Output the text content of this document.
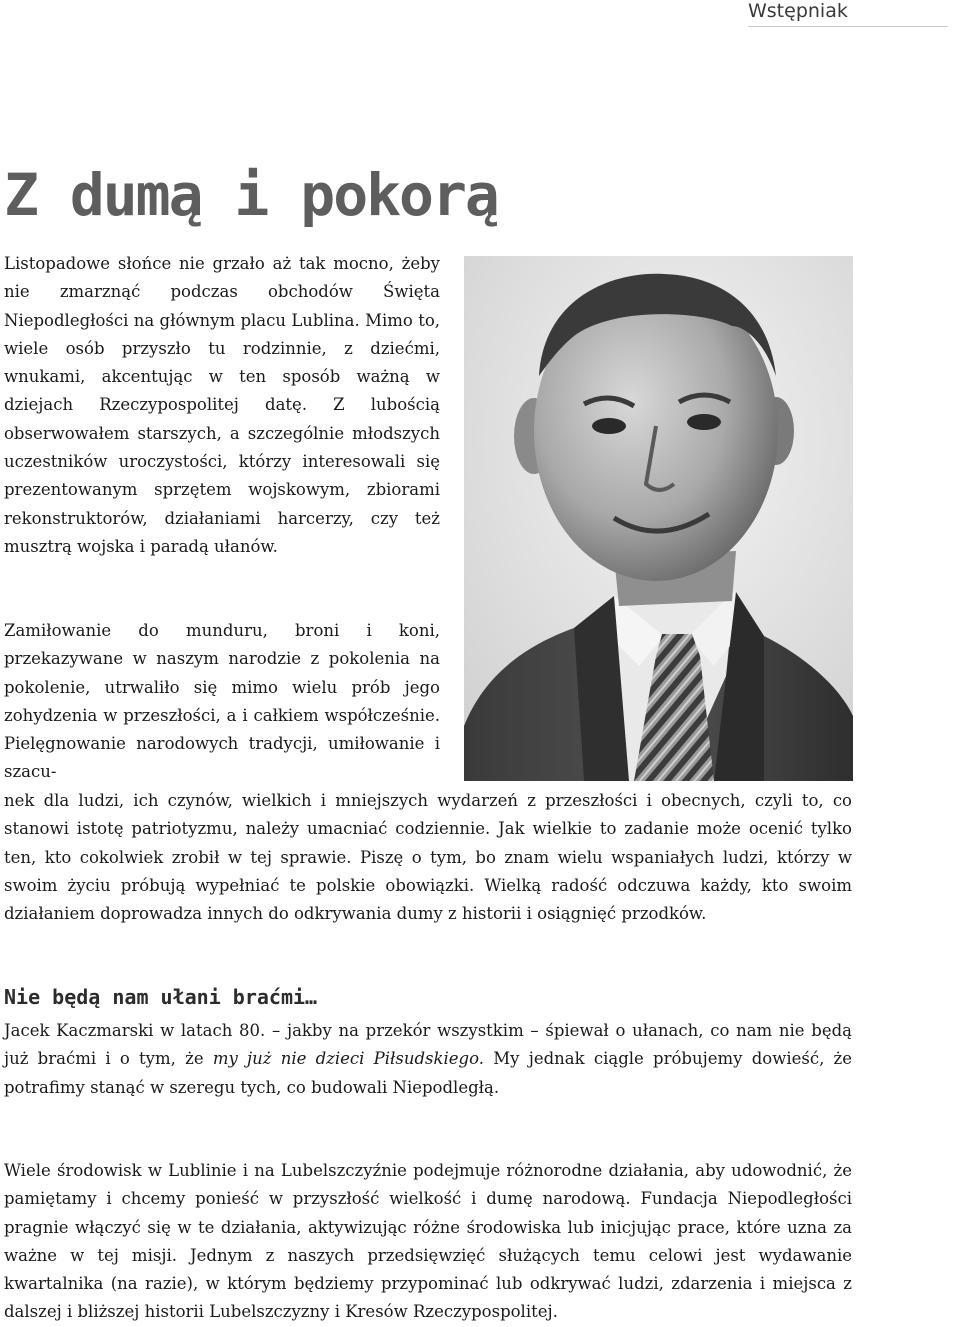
Wstępniak
Z dumą i pokorą

Listopadowe słońce nie grzało aż tak mocno, żeby nie zmarznąć podczas obchodów Święta Niepodległości na głównym placu Lublina. Mimo to, wiele osób przyszło tu rodzinnie, z dziećmi, wnukami, akcentując w ten sposób ważną w dziejach Rzeczypospolitej datę. Z lubością obserwowałem starszych, a szczególnie młodszych uczestników uroczystości, którzy interesowali się prezentowanym sprzętem wojskowym, zbiorami rekonstruktorów, działaniami harcerzy, czy też musztrą wojska i paradą ułanów.

Zamiłowanie do munduru, broni i koni, przekazywane w naszym narodzie z pokolenia na pokolenie, utrwaliło się mimo wielu prób jego zohydzenia w przeszłości, a i całkiem współcześnie. Pielęgnowanie narodowych tradycji, umiłowanie i szacu-

nek dla ludzi, ich czynów, wielkich i mniejszych wydarzeń z przeszłości i obecnych, czyli to, co stanowi istotę patriotyzmu, należy umacniać codziennie. Jak wielkie to zadanie może ocenić tylko ten, kto cokolwiek zrobił w tej sprawie. Piszę o tym, bo znam wielu wspaniałych ludzi, którzy w swoim życiu próbują wypełniać te polskie obowiązki. Wielką radość odczuwa każdy, kto swoim działaniem doprowadza innych do odkrywania dumy z historii i osiągnięć przodków.

Nie będą nam ułani braćmi…

Jacek Kaczmarski w latach 80. – jakby na przekór wszystkim – śpiewał o ułanach, co nam nie będą już braćmi i o tym, że my już nie dzieci Piłsudskiego. My jednak ciągle próbujemy dowieść, że potrafimy stanąć w szeregu tych, co budowali Niepodległą.

Wiele środowisk w Lublinie i na Lubelszczyźnie podejmuje różnorodne działania, aby udowodnić, że pamiętamy i chcemy ponieść w przyszłość wielkość i dumę narodową. Fundacja Niepodległości pragnie włączyć się w te działania, aktywizując różne środowiska lub inicjując prace, które uzna za ważne w tej misji. Jednym z naszych przedsięwzięć służących temu celowi jest wydawanie kwartalnika (na razie), w którym będziemy przypominać lub odkrywać ludzi, zdarzenia i miejsca z dalszej i bliższej historii Lubelszczyzny i Kresów Rzeczypospolitej.
